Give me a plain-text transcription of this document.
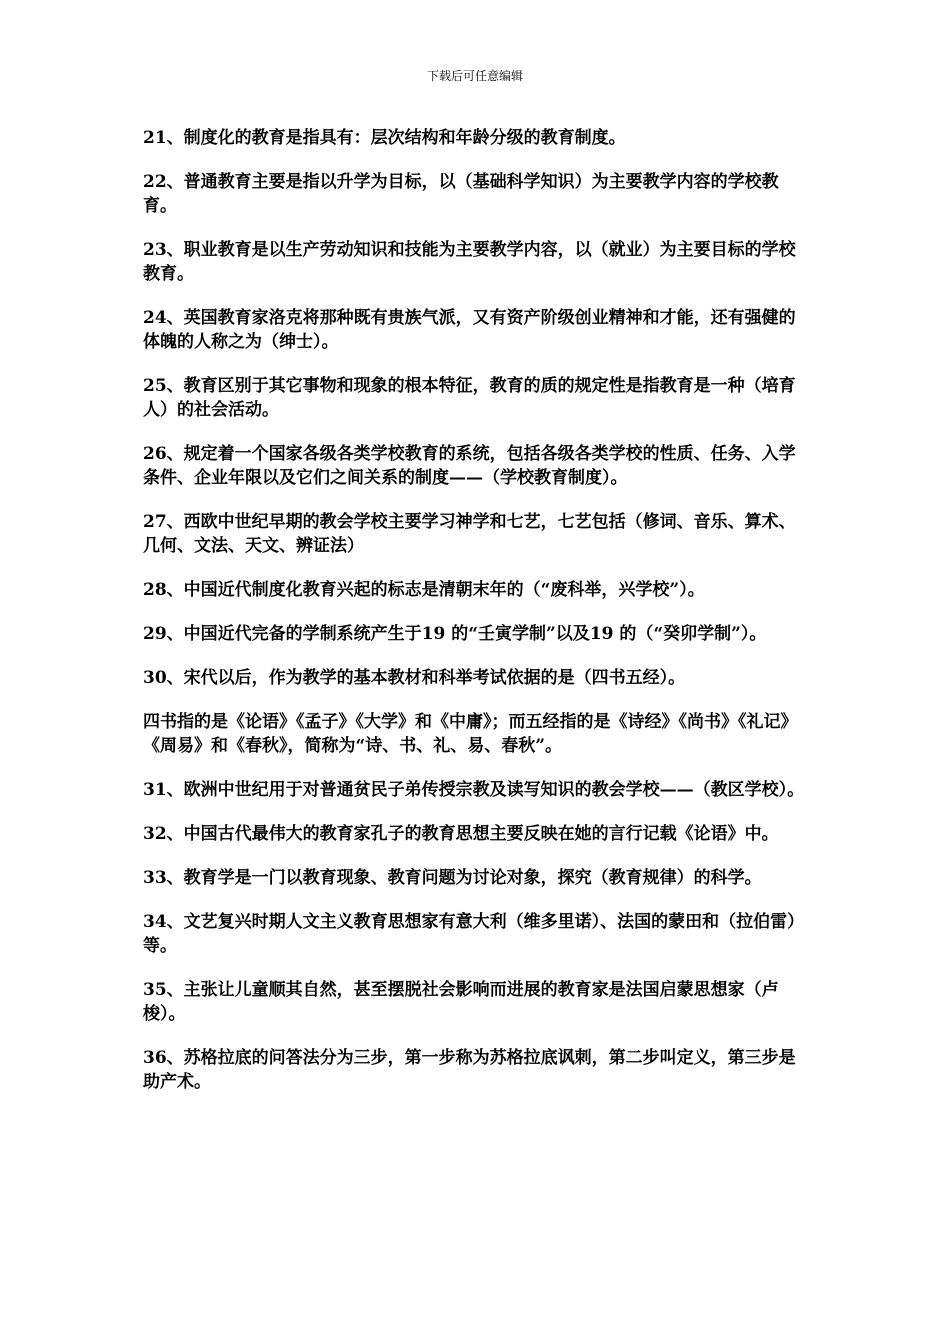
下载后可任意编辑

21、制度化的教育是指具有：层次结构和年龄分级的教育制度。

22、普通教育主要是指以升学为目标，以（基础科学知识）为主要教学内容的学校教育。

23、职业教育是以生产劳动知识和技能为主要教学内容，以（就业）为主要目标的学校教育。

24、英国教育家洛克将那种既有贵族气派，又有资产阶级创业精神和才能，还有强健的体魄的人称之为（绅士）。

25、教育区别于其它事物和现象的根本特征，教育的质的规定性是指教育是一种（培育人）的社会活动。

26、规定着一个国家各级各类学校教育的系统，包括各级各类学校的性质、任务、入学条件、企业年限以及它们之间关系的制度——（学校教育制度）。

27、西欧中世纪早期的教会学校主要学习神学和七艺，七艺包括（修词、音乐、算术、几何、文法、天文、辨证法）

28、中国近代制度化教育兴起的标志是清朝末年的（“废科举，兴学校”）。

29、中国近代完备的学制系统产生于19 的“壬寅学制”以及19 的（“癸卯学制”）。

30、宋代以后，作为教学的基本教材和科举考试依据的是（四书五经）。

四书指的是《论语》《孟子》《大学》和《中庸》；而五经指的是《诗经》《尚书》《礼记》《周易》和《春秋》，简称为“诗、书、礼、易、春秋”。

31、欧洲中世纪用于对普通贫民子弟传授宗教及读写知识的教会学校——（教区学校）。

32、中国古代最伟大的教育家孔子的教育思想主要反映在她的言行记载《论语》中。

33、教育学是一门以教育现象、教育问题为讨论对象，探究（教育规律）的科学。

34、文艺复兴时期人文主义教育思想家有意大利（维多里诺）、法国的蒙田和（拉伯雷）等。

35、主张让儿童顺其自然，甚至摆脱社会影响而进展的教育家是法国启蒙思想家（卢梭）。

36、苏格拉底的问答法分为三步，第一步称为苏格拉底讽刺，第二步叫定义，第三步是助产术。
